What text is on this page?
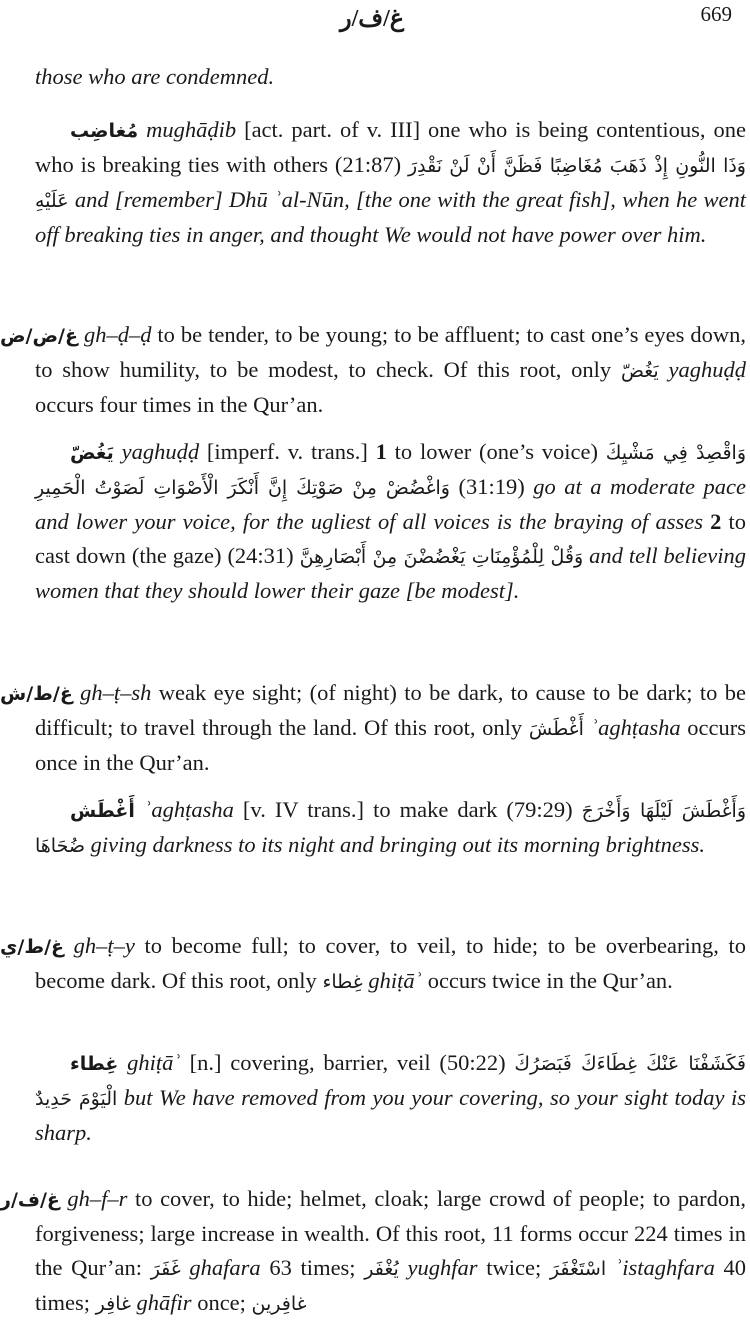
غ/ف/ر	669

those who are condemned.

مُغاضِب mughāḍib [act. part. of v. III] one who is being contentious, one who is breaking ties with others (21:87) وَذَا النُّونِ إِذْ ذَهَبَ مُغَاضِبًا فَظَنَّ أَنْ لَنْ نَقْدِرَ عَلَيْهِ and [remember] Dhū ʾal-Nūn, [the one with the great fish], when he went off breaking ties in anger, and thought We would not have power over him.

غ/ض/ض gh–ḍ–ḍ to be tender, to be young; to be affluent; to cast one’s eyes down, to show humility, to be modest, to check. Of this root, only يَغُضّ yaghuḍḍ occurs four times in the Qur’an.

يَغُضّ yaghuḍḍ [imperf. v. trans.] 1 to lower (one’s voice) وَاقْصِدْ فِي مَشْيِكَ وَاغْضُضْ مِنْ صَوْتِكَ إِنَّ أَنْكَرَ الْأَصْوَاتِ لَصَوْتُ الْحَمِيرِ (31:19) go at a moderate pace and lower your voice, for the ugliest of all voices is the braying of asses 2 to cast down (the gaze) (24:31) وَقُلْ لِلْمُؤْمِنَاتِ يَغْضُضْنَ مِنْ أَبْصَارِهِنَّ and tell believing women that they should lower their gaze [be modest].

غ/ط/ش gh–ṭ–sh weak eye sight; (of night) to be dark, to cause to be dark; to be difficult; to travel through the land. Of this root, only أَغْطَشَ ʾaghṭasha occurs once in the Qur’an.

أَغْطَش ʾaghṭasha [v. IV trans.] to make dark (79:29) وَأَغْطَشَ لَيْلَهَا وَأَخْرَجَ ضُحَاهَا giving darkness to its night and bringing out its morning brightness.

غ/ط/ي gh–ṭ–y to become full; to cover, to veil, to hide; to be overbearing, to become dark. Of this root, only غِطاء ghiṭāʾ occurs twice in the Qur’an.

غِطاء ghiṭāʾ [n.] covering, barrier, veil (50:22) فَكَشَفْنَا عَنْكَ غِطَاءَكَ فَبَصَرُكَ الْيَوْمَ حَدِيدٌ but We have removed from you your covering, so your sight today is sharp.

غ/ف/ر gh–f–r to cover, to hide; helmet, cloak; large crowd of people; to pardon, forgiveness; large increase in wealth. Of this root, 11 forms occur 224 times in the Qur’an: غَفَرَ ghafara 63 times; يُغْفَر yughfar twice; اسْتَغْفَرَ ʾistaghfara 40 times; غافِر ghāfir once; غافِرين
